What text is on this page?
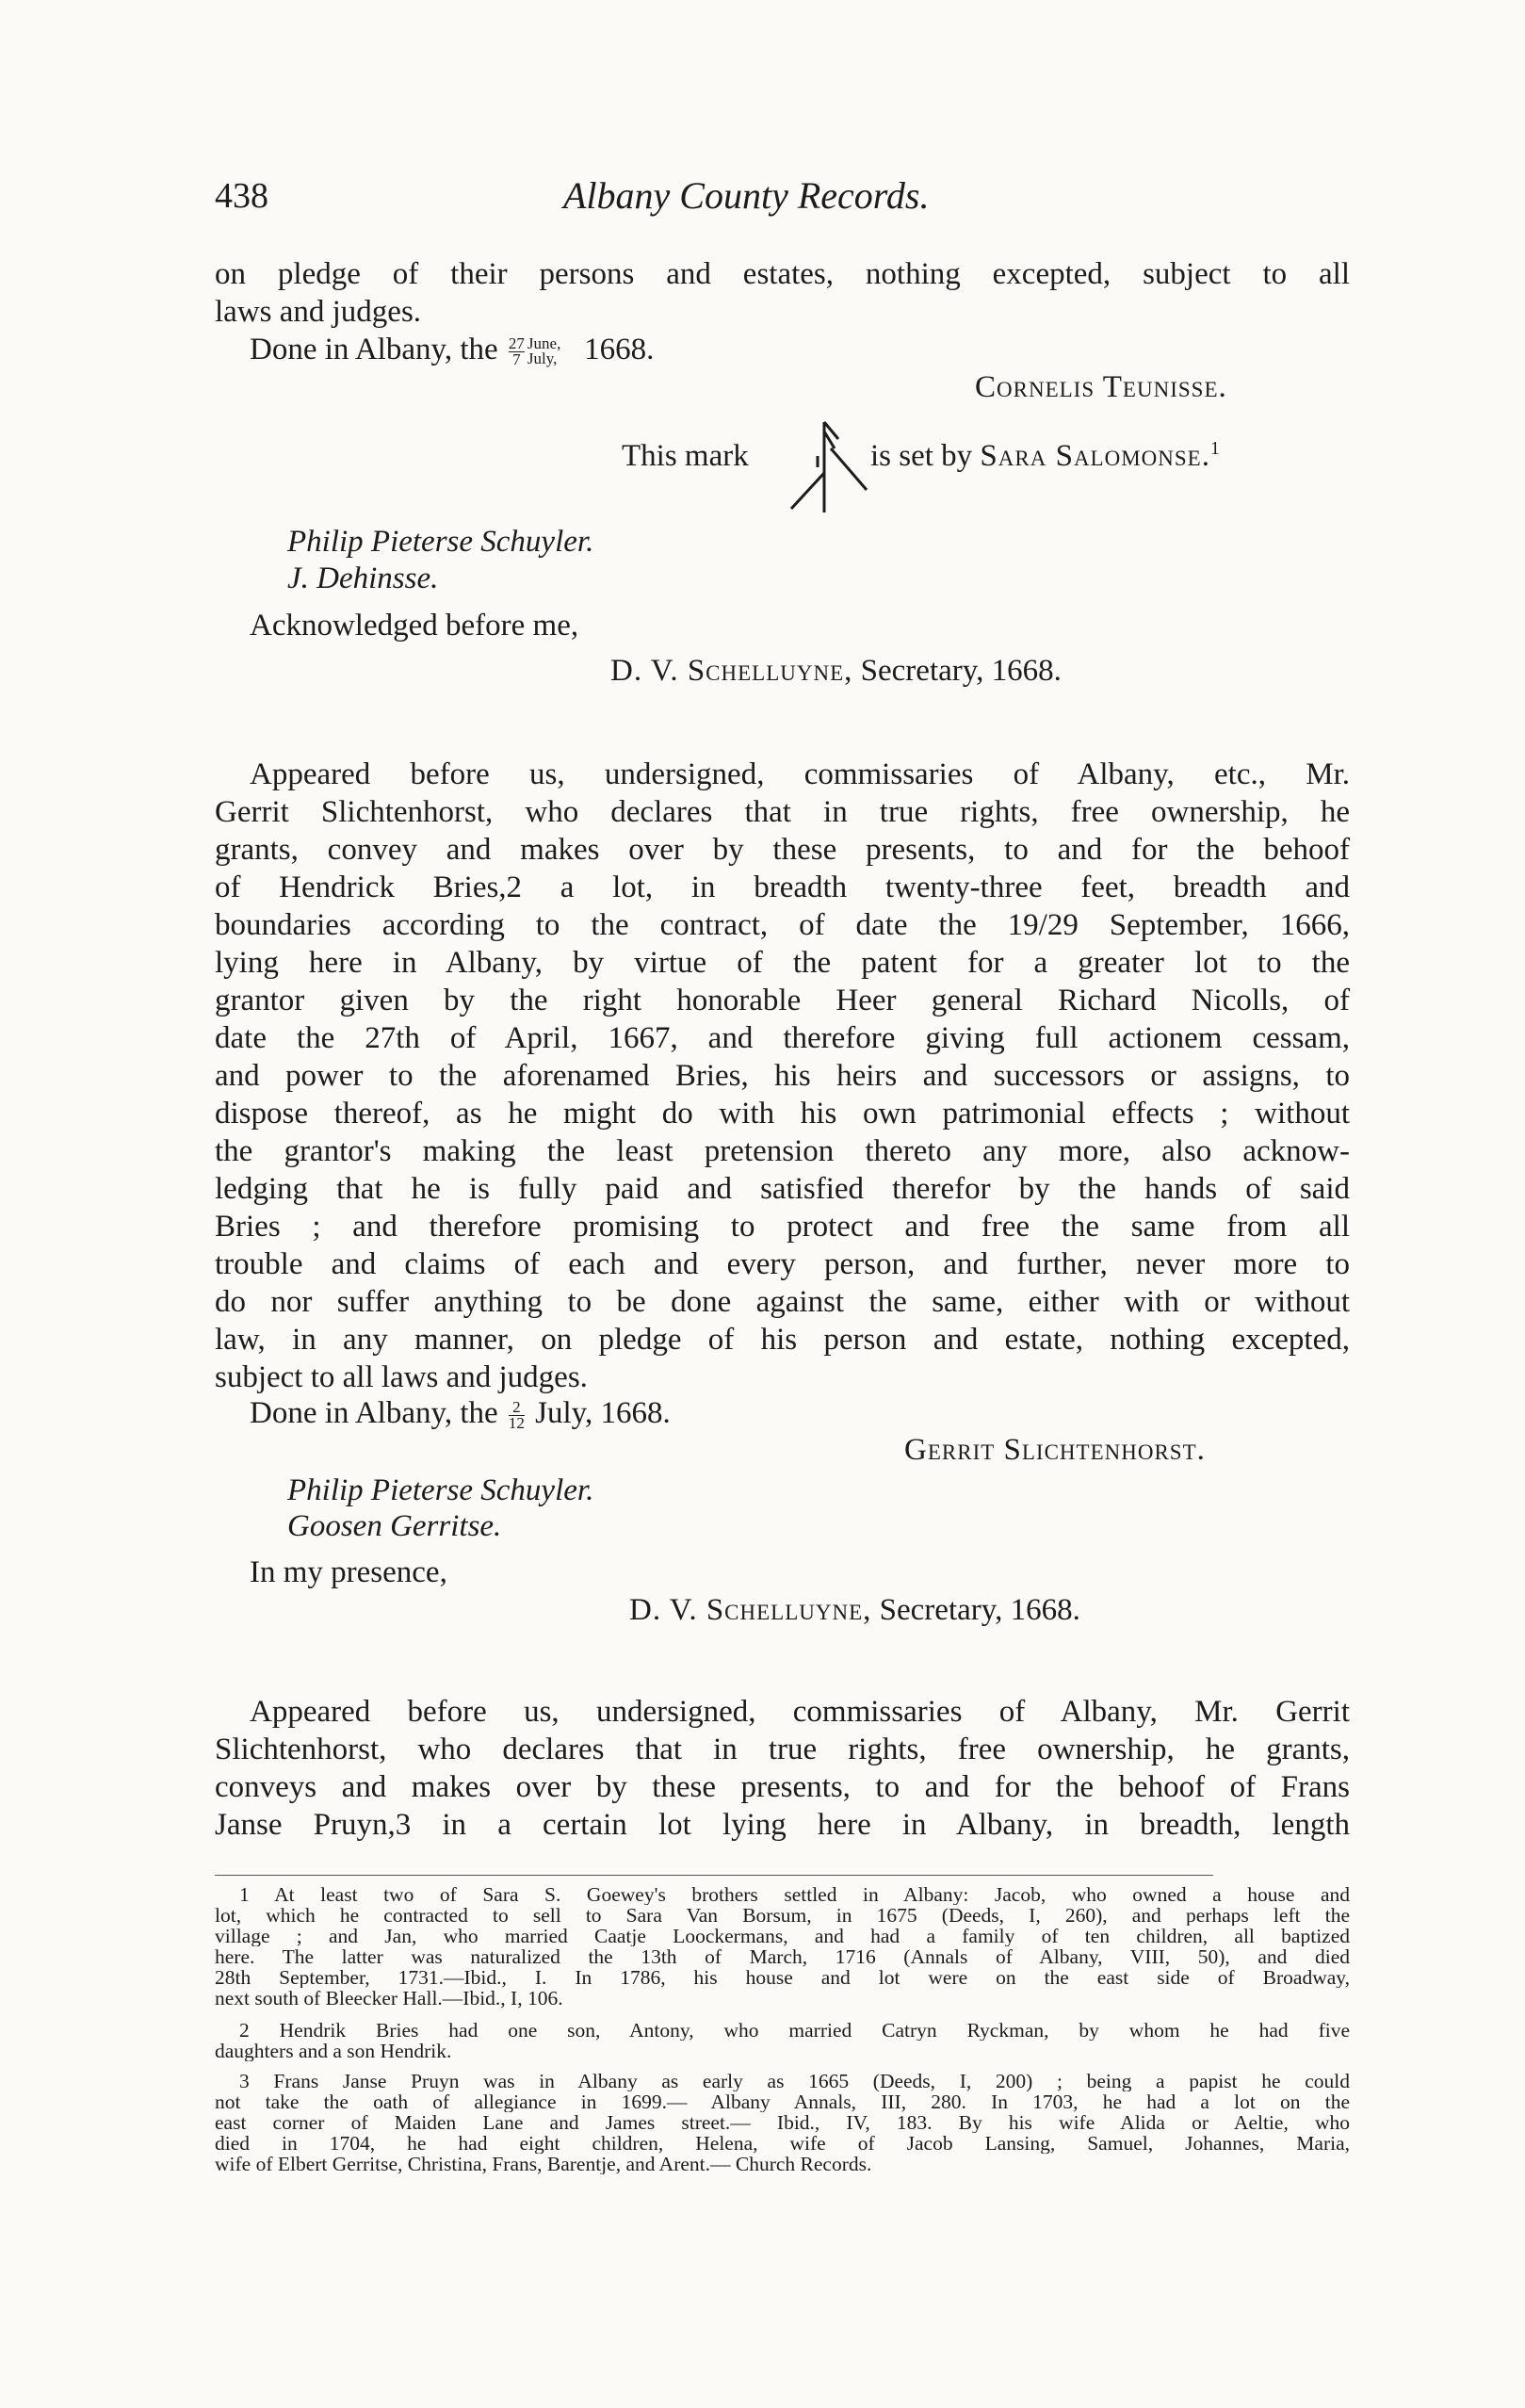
438	Albany County Records.
on pledge of their persons and estates, nothing excepted, subject to all
laws and judges.
Done in Albany, the $\frac{27}{7}$ June, July, 1668.
Cornelis Teunisse.
This mark	is set by Sara Salomonse.$^1$
Philip Pieterse Schuyler.
J. Dehinsse.
Acknowledged before me,
D. V. Schelluyne, Secretary, 1668.
Appeared before us, undersigned, commissaries of Albany, etc., Mr.
Gerrit Slichtenhorst, who declares that in true rights, free ownership, he
grants, convey and makes over by these presents, to and for the behoof
of Hendrick Bries,2 a lot, in breadth twenty-three feet, breadth and
boundaries according to the contract, of date the 19/29 September, 1666,
lying here in Albany, by virtue of the patent for a greater lot to the
grantor given by the right honorable Heer general Richard Nicolls, of
date the 27th of April, 1667, and therefore giving full actionem cessam,
and power to the aforenamed Bries, his heirs and successors or assigns, to
dispose thereof, as he might do with his own patrimonial effects ; without
the grantor's making the least pretension thereto any more, also acknow-
ledging that he is fully paid and satisfied therefor by the hands of said
Bries ; and therefore promising to protect and free the same from all
trouble and claims of each and every person, and further, never more to
do nor suffer anything to be done against the same, either with or without
law, in any manner, on pledge of his person and estate, nothing excepted,
subject to all laws and judges.
Done in Albany, the $\frac{2}{12}$ July, 1668.
Gerrit Slichtenhorst.
Philip Pieterse Schuyler.
Goosen Gerritse.
In my presence,
D. V. Schelluyne, Secretary, 1668.
Appeared before us, undersigned, commissaries of Albany, Mr. Gerrit
Slichtenhorst, who declares that in true rights, free ownership, he grants,
conveys and makes over by these presents, to and for the behoof of Frans
Janse Pruyn,3 in a certain lot lying here in Albany, in breadth, length
1 At least two of Sara S. Goewey's brothers settled in Albany: Jacob, who owned a house and
lot, which he contracted to sell to Sara Van Borsum, in 1675 (Deeds, I, 260), and perhaps left the
village ; and Jan, who married Caatje Loockermans, and had a family of ten children, all baptized
here. The latter was naturalized the 13th of March, 1716 (Annals of Albany, VIII, 50), and died
28th September, 1731.—Ibid., I. In 1786, his house and lot were on the east side of Broadway,
next south of Bleecker Hall.—Ibid., I, 106.
2 Hendrik Bries had one son, Antony, who married Catryn Ryckman, by whom he had five
daughters and a son Hendrik.
3 Frans Janse Pruyn was in Albany as early as 1665 (Deeds, I, 200) ; being a papist he could
not take the oath of allegiance in 1699.— Albany Annals, III, 280. In 1703, he had a lot on the
east corner of Maiden Lane and James street.— Ibid., IV, 183. By his wife Alida or Aeltie, who
died in 1704, he had eight children, Helena, wife of Jacob Lansing, Samuel, Johannes, Maria,
wife of Elbert Gerritse, Christina, Frans, Barentje, and Arent.— Church Records.
